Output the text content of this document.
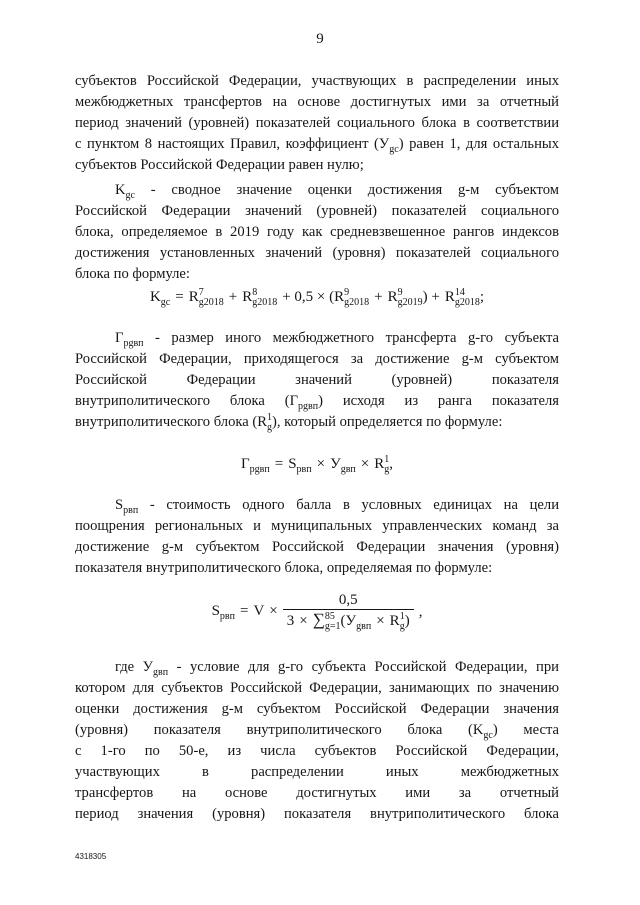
9
субъектов Российской Федерации, участвующих в распределении иных
межбюджетных трансфертов на основе достигнутых ими за отчетный
период значений (уровней) показателей социального блока в соответствии
с пунктом 8 настоящих Правил, коэффициент $(У_{gc})$ равен 1, для остальных
субъектов Российской Федерации равен нулю;
$K_{gc}$ - сводное значение оценки достижения g-м субъектом
Российской Федерации значений (уровней) показателей социального
блока, определяемое в 2019 году как средневзвешенное рангов индексов
достижения установленных значений (уровня) показателей социального
блока по формуле:
$K_{gc} = R$ 7
g2018 + R 8
g2018 + 0,5 × (R 9
g2018 + R 9
g2019 ) + R 14
g2018 ;
$Г_{рgвп}$ - размер иного межбюджетного трансферта g-го субъекта
Российской Федерации, приходящегося за достижение g-м субъектом
Российской Федерации значений (уровней) показателя
внутриполитического блока $(Г_{рgвп})$ исходя из ранга показателя
внутриполитического блока (R 1
g ), который определяется по формуле:
$Г_{рgвп} = S_{рвп} \times У_{gвп} \times R$ 1
g ,
$S_{рвп}$ - стоимость одного балла в условных единицах на цели
поощрения региональных и муниципальных управленческих команд за
достижение g-м субъектом Российской Федерации значения (уровня)
показателя внутриполитического блока, определяемая по формуле:
$S_{рвп} = V \times 0,5$
3 × ∑ 85
g=1 ($У_{gвп} \times R$ 1
g ) ,
где $У_{gвп}$ - условие для g-го субъекта Российской Федерации, при
котором для субъектов Российской Федерации, занимающих по значению
оценки достижения g-м субъектом Российской Федерации значения
(уровня) показателя внутриполитического блока $(K_{gc})$ места
с 1-го по 50-е, из числа субъектов Российской Федерации,
участвующих в распределении иных межбюджетных
трансфертов на основе достигнутых ими за отчетный
период значения (уровня) показателя внутриполитического блока
4318305
